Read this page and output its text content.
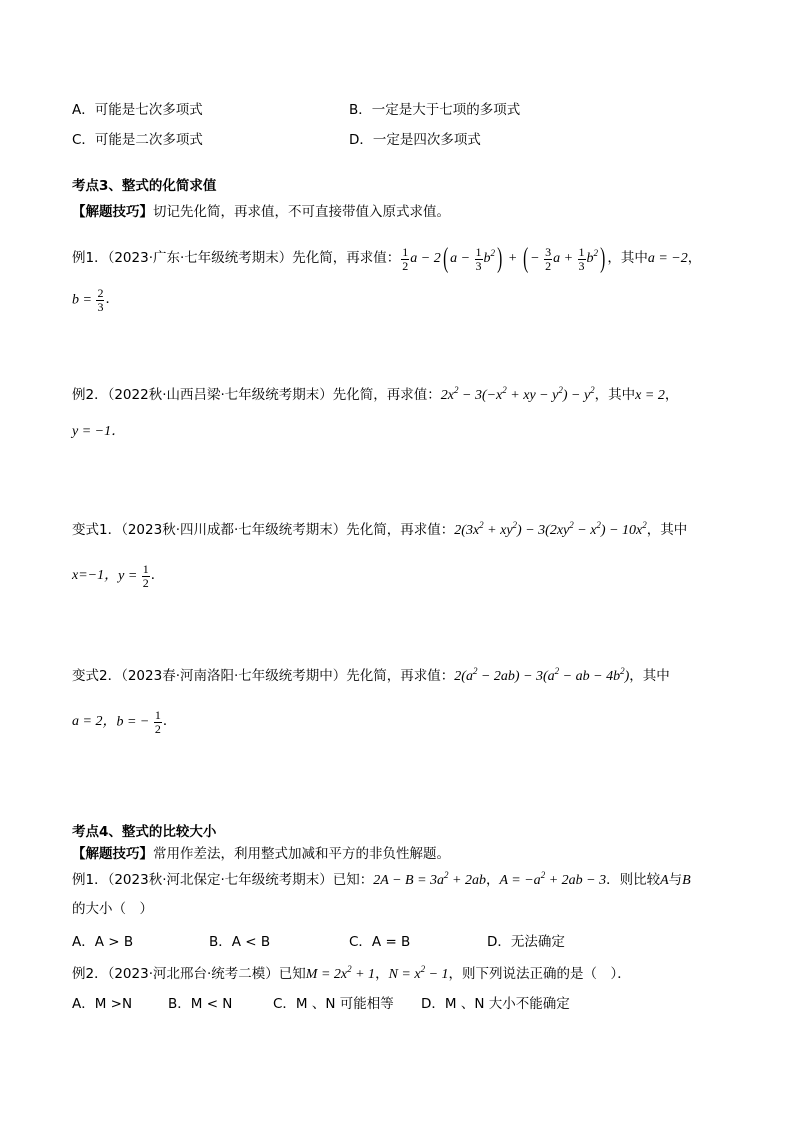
A．可能是七次多项式	B．一定是大于七项的多项式
C．可能是二次多项式	D．一定是四次多项式
考点3、整式的化简求值
【解题技巧】切记先化简，再求值，不可直接带值入原式求值。
例1．（2023·广东·七年级统考期末）先化简，再求值： $\frac{1}{2}$ a − 2( $a - \frac{1}{3} b^2$) + ( − $\frac{3}{2}$ $a + \frac{1}{3} b^2$) ，其中 a = −2 ，
$b = \frac{2}{3}$ ．
例2．（2022秋·山西吕梁·七年级统考期末）先化简，再求值： $2x^2 - 3(-x^2$ + xy − $y^2) - y^2$ ，其中 x = 2 ，
y = −1．
变式1．（2023秋·四川成都·七年级统考期末）先化简，再求值： $2(3x^2 + xy^2) - 3(2xy^2 - x^2) - 10x^2$ ，其中
x=−1， $y = \frac{1}{2}$ ．
变式2．（2023春·河南洛阳·七年级统考期中）先化简，再求值： $2(a^2 - 2ab) - 3(a^2$ − ab − $4b^2$) ，其中
a = 2， b = − $\frac{1}{2}$ ．
考点4、整式的比较大小
【解题技巧】常用作差法，利用整式加减和平方的非负性解题。
例1．（2023秋·河北保定·七年级统考期末）已知： $2A - B = 3a^2 + 2ab$ ， $A = -a^2 + 2ab - 3$ ．则比较 A 与 B
的大小（　）
A．A > B	B．A < B	C．A = B	D．无法确定
例2．（2023·河北邢台·统考二模）已知 $M = 2x^2 + 1$ ， $N = x^2 - 1$ ，则下列说法正确的是（　）．
A．M >N	B．M < N	C．M 、N 可能相等 D．M 、N 大小不能确定
